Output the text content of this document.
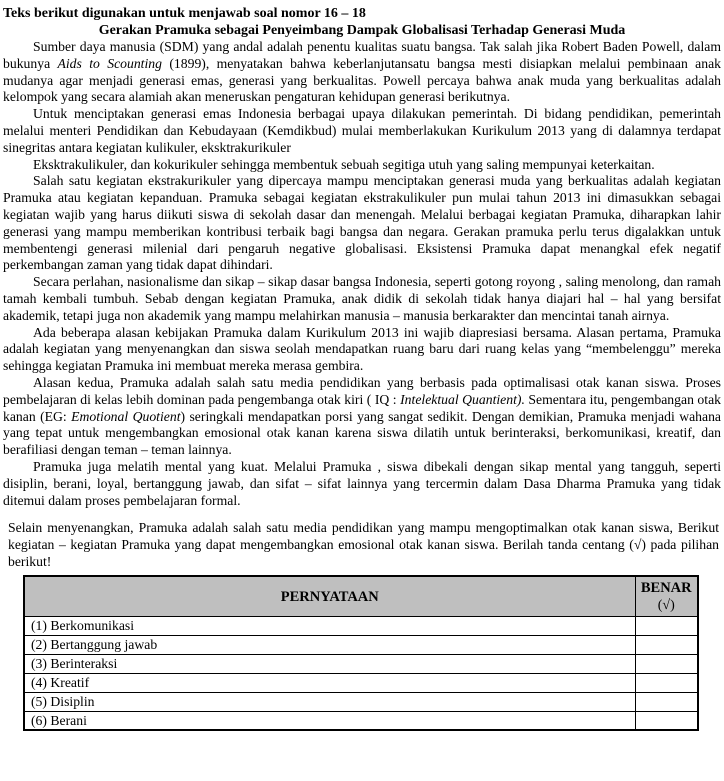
Teks berikut digunakan untuk menjawab soal nomor 16 – 18
Gerakan Pramuka sebagai Penyeimbang Dampak Globalisasi Terhadap Generasi Muda

Sumber daya manusia (SDM) yang andal adalah penentu kualitas suatu bangsa. Tak salah jika Robert Baden Powell, dalam bukunya Aids to Scounting (1899), menyatakan bahwa keberlanjutansatu bangsa mesti disiapkan melalui pembinaan anak mudanya agar menjadi generasi emas, generasi yang berkualitas. Powell percaya bahwa anak muda yang berkualitas adalah kelompok yang secara alamiah akan meneruskan pengaturan kehidupan generasi berikutnya.

Untuk menciptakan generasi emas Indonesia berbagai upaya dilakukan pemerintah. Di bidang pendidikan, pemerintah melalui menteri Pendidikan dan Kebudayaan (Kemdikbud) mulai memberlakukan Kurikulum 2013 yang di dalamnya terdapat sinegritas antara kegiatan kulikuler, eksktrakurikuler

Eksktrakulikuler, dan kokurikuler sehingga membentuk sebuah segitiga utuh yang saling mempunyai keterkaitan.

Salah satu kegiatan ekstrakurikuler yang dipercaya mampu menciptakan generasi muda yang berkualitas adalah kegiatan Pramuka atau kegiatan kepanduan. Pramuka sebagai kegiatan ekstrakulikuler pun mulai tahun 2013 ini dimasukkan sebagai kegiatan wajib yang harus diikuti siswa di sekolah dasar dan menengah. Melalui berbagai kegiatan Pramuka, diharapkan lahir generasi yang mampu memberikan kontribusi terbaik bagi bangsa dan negara. Gerakan pramuka perlu terus digalakkan untuk membentengi generasi milenial dari pengaruh negative globalisasi. Eksistensi Pramuka dapat menangkal efek negatif perkembangan zaman yang tidak dapat dihindari.

Secara perlahan, nasionalisme dan sikap – sikap dasar bangsa Indonesia, seperti gotong royong , saling menolong, dan ramah tamah kembali tumbuh. Sebab dengan kegiatan Pramuka, anak didik di sekolah tidak hanya diajari hal – hal yang bersifat akademik, tetapi juga non akademik yang mampu melahirkan manusia – manusia berkarakter dan mencintai tanah airnya.

Ada beberapa alasan kebijakan Pramuka dalam Kurikulum 2013 ini wajib diapresiasi bersama. Alasan pertama, Pramuka adalah kegiatan yang menyenangkan dan siswa seolah mendapatkan ruang baru dari ruang kelas yang “membelenggu” mereka sehingga kegiatan Pramuka ini membuat mereka merasa gembira.

Alasan kedua, Pramuka adalah salah satu media pendidikan yang berbasis pada optimalisasi otak kanan siswa. Proses pembelajaran di kelas lebih dominan pada pengembanga otak kiri ( IQ : Intelektual Quantient). Sementara itu, pengembangan otak kanan (EG: Emotional Quotient) seringkali mendapatkan porsi yang sangat sedikit. Dengan demikian, Pramuka menjadi wahana yang tepat untuk mengembangkan emosional otak kanan karena siswa dilatih untuk berinteraksi, berkomunikasi, kreatif, dan berafiliasi dengan teman – teman lainnya.

Pramuka juga melatih mental yang kuat. Melalui Pramuka , siswa dibekali dengan sikap mental yang tangguh, seperti disiplin, berani, loyal, bertanggung jawab, dan sifat – sifat lainnya yang tercermin dalam Dasa Dharma Pramuka yang tidak ditemui dalam proses pembelajaran formal.

Selain menyenangkan, Pramuka adalah salah satu media pendidikan yang mampu mengoptimalkan otak kanan siswa, Berikut kegiatan – kegiatan Pramuka yang dapat mengembangkan emosional otak kanan siswa. Berilah tanda centang (√) pada pilihan berikut!
PERNYATAAN	BENAR
(√)

(1) Berkomunikasi	
(2) Bertanggung jawab	
(3) Berinteraksi	
(4) Kreatif	
(5) Disiplin	
(6) Berani	
